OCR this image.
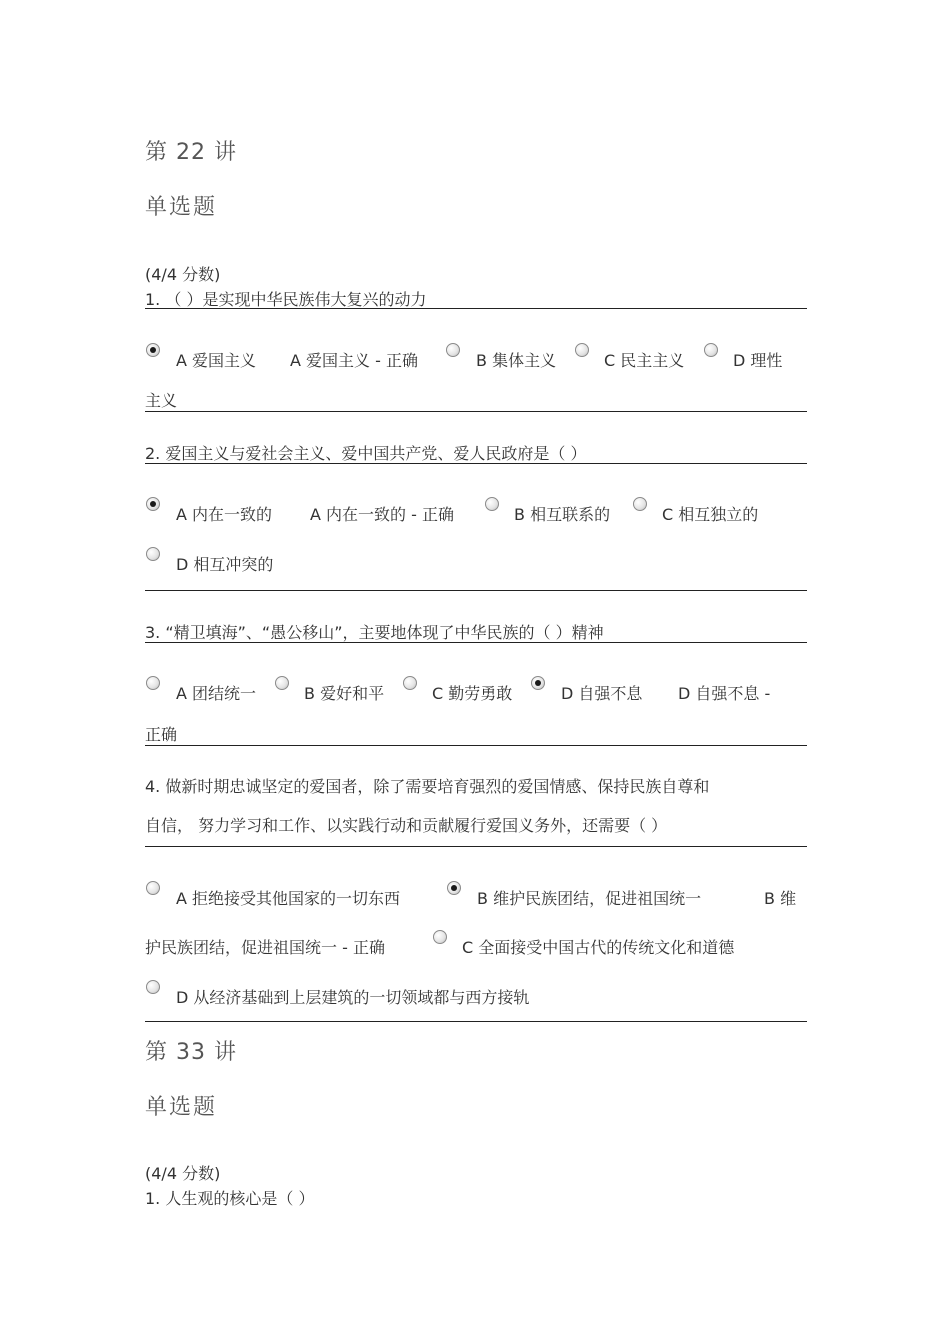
第 22 讲
单选题
(4/4 分数)
1. （ ）是实现中华民族伟大复兴的动力
A 爱国主义 A 爱国主义 - 正确	B 集体主义	C 民主主义	D 理性
主义
2. 爱国主义与爱社会主义、爱中国共产党、爱人民政府是（ ）
A 内在一致的 A 内在一致的 - 正确	B 相互联系的	C 相互独立的
D 相互冲突的
3. “精卫填海”、“愚公移山”，主要地体现了中华民族的（ ）精神
A 团结统一	B 爱好和平	C 勤劳勇敢	D 自强不息 D 自强不息 -
正确
4. 做新时期忠诚坚定的爱国者，除了需要培育强烈的爱国情感、保持民族自尊和
自信， 努力学习和工作、以实践行动和贡献履行爱国义务外，还需要（ ）
A 拒绝接受其他国家的一切东西	B 维护民族团结，促进祖国统一	B 维
护民族团结，促进祖国统一 - 正确	C 全面接受中国古代的传统文化和道德
D 从经济基础到上层建筑的一切领域都与西方接轨
第 33 讲
单选题
(4/4 分数)
1. 人生观的核心是（ ）
